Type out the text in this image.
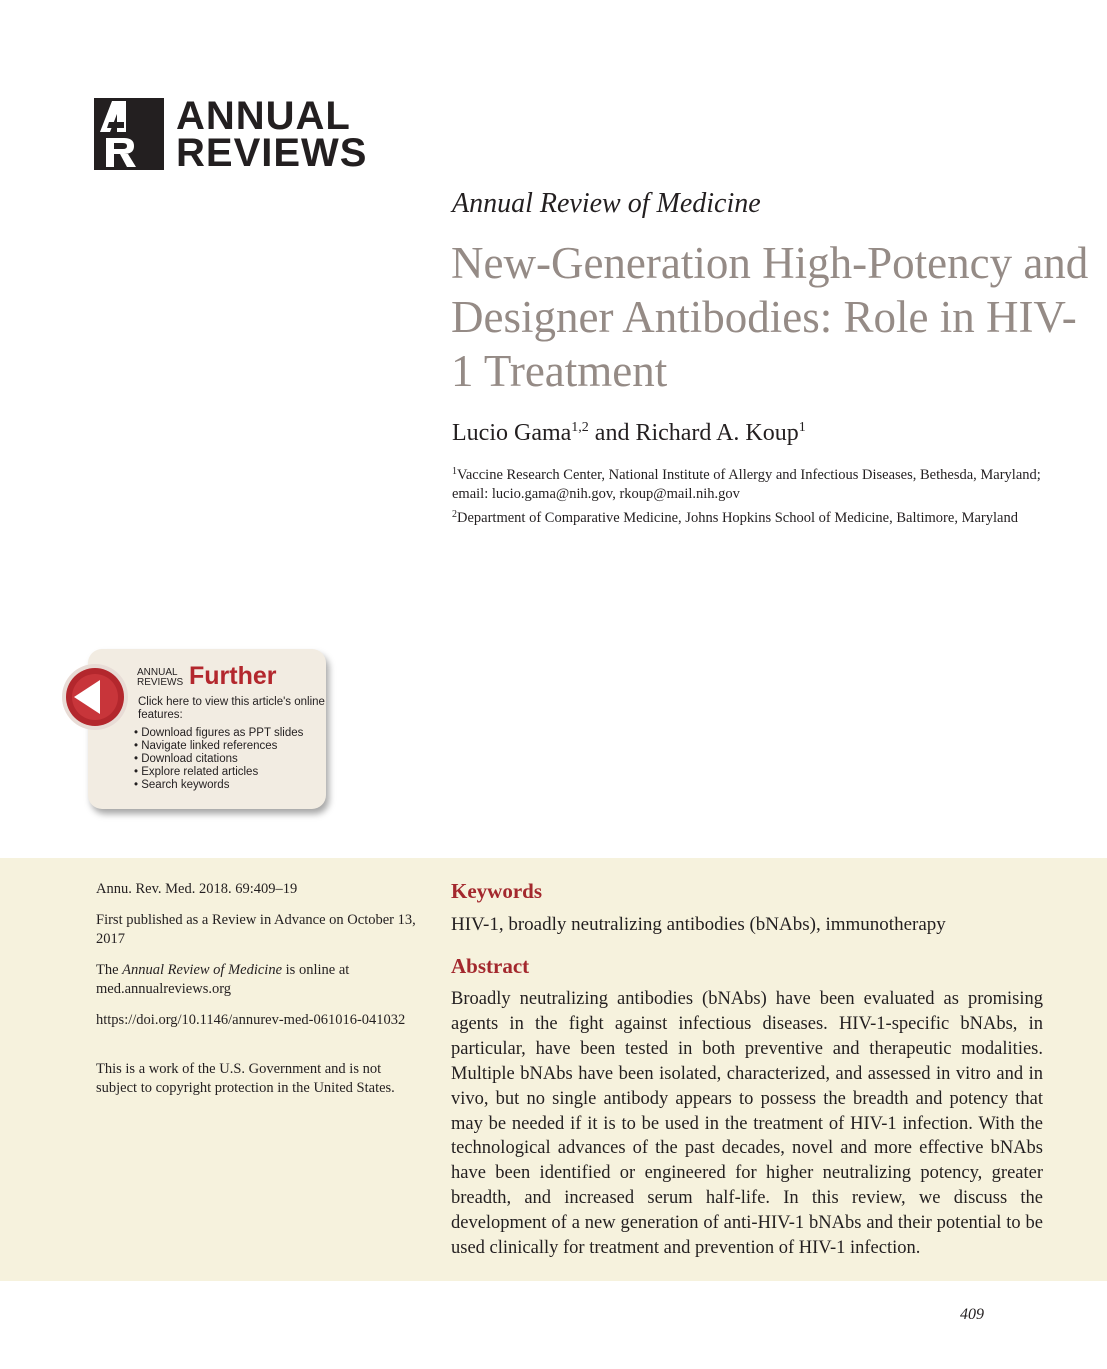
ANNUAL
REVIEWS
Annual Review of Medicine
New-Generation High-Potency and Designer Antibodies: Role in HIV-1 Treatment
Lucio Gama$^{1,2}$ and Richard A. Koup$^1$

$^1$Vaccine Research Center, National Institute of Allergy and Infectious Diseases, Bethesda, Maryland; email: lucio.gama@nih.gov, rkoup@mail.nih.gov

$^2$Department of Comparative Medicine, Johns Hopkins School of Medicine, Baltimore, Maryland

ANNUAL
REVIEWS Further
Click here to view this article's online features:
• Download figures as PPT slides
• Navigate linked references
• Download citations
• Explore related articles
• Search keywords

Annu. Rev. Med. 2018. 69:409–19

First published as a Review in Advance on October 13, 2017

The Annual Review of Medicine is online at med.annualreviews.org

https://doi.org/10.1146/annurev-med-061016-041032

This is a work of the U.S. Government and is not subject to copyright protection in the United States.

Keywords
HIV-1, broadly neutralizing antibodies (bNAbs), immunotherapy
Abstract

Broadly neutralizing antibodies (bNAbs) have been evaluated as promising agents in the fight against infectious diseases. HIV-1-specific bNAbs, in particular, have been tested in both preventive and therapeutic modalities. Multiple bNAbs have been isolated, characterized, and assessed in vitro and in vivo, but no single antibody appears to possess the breadth and potency that may be needed if it is to be used in the treatment of HIV-1 infection. With the technological advances of the past decades, novel and more effective bNAbs have been identified or engineered for higher neutralizing potency, greater breadth, and increased serum half-life. In this review, we discuss the development of a new generation of anti-HIV-1 bNAbs and their potential to be used clinically for treatment and prevention of HIV-1 infection.

409
